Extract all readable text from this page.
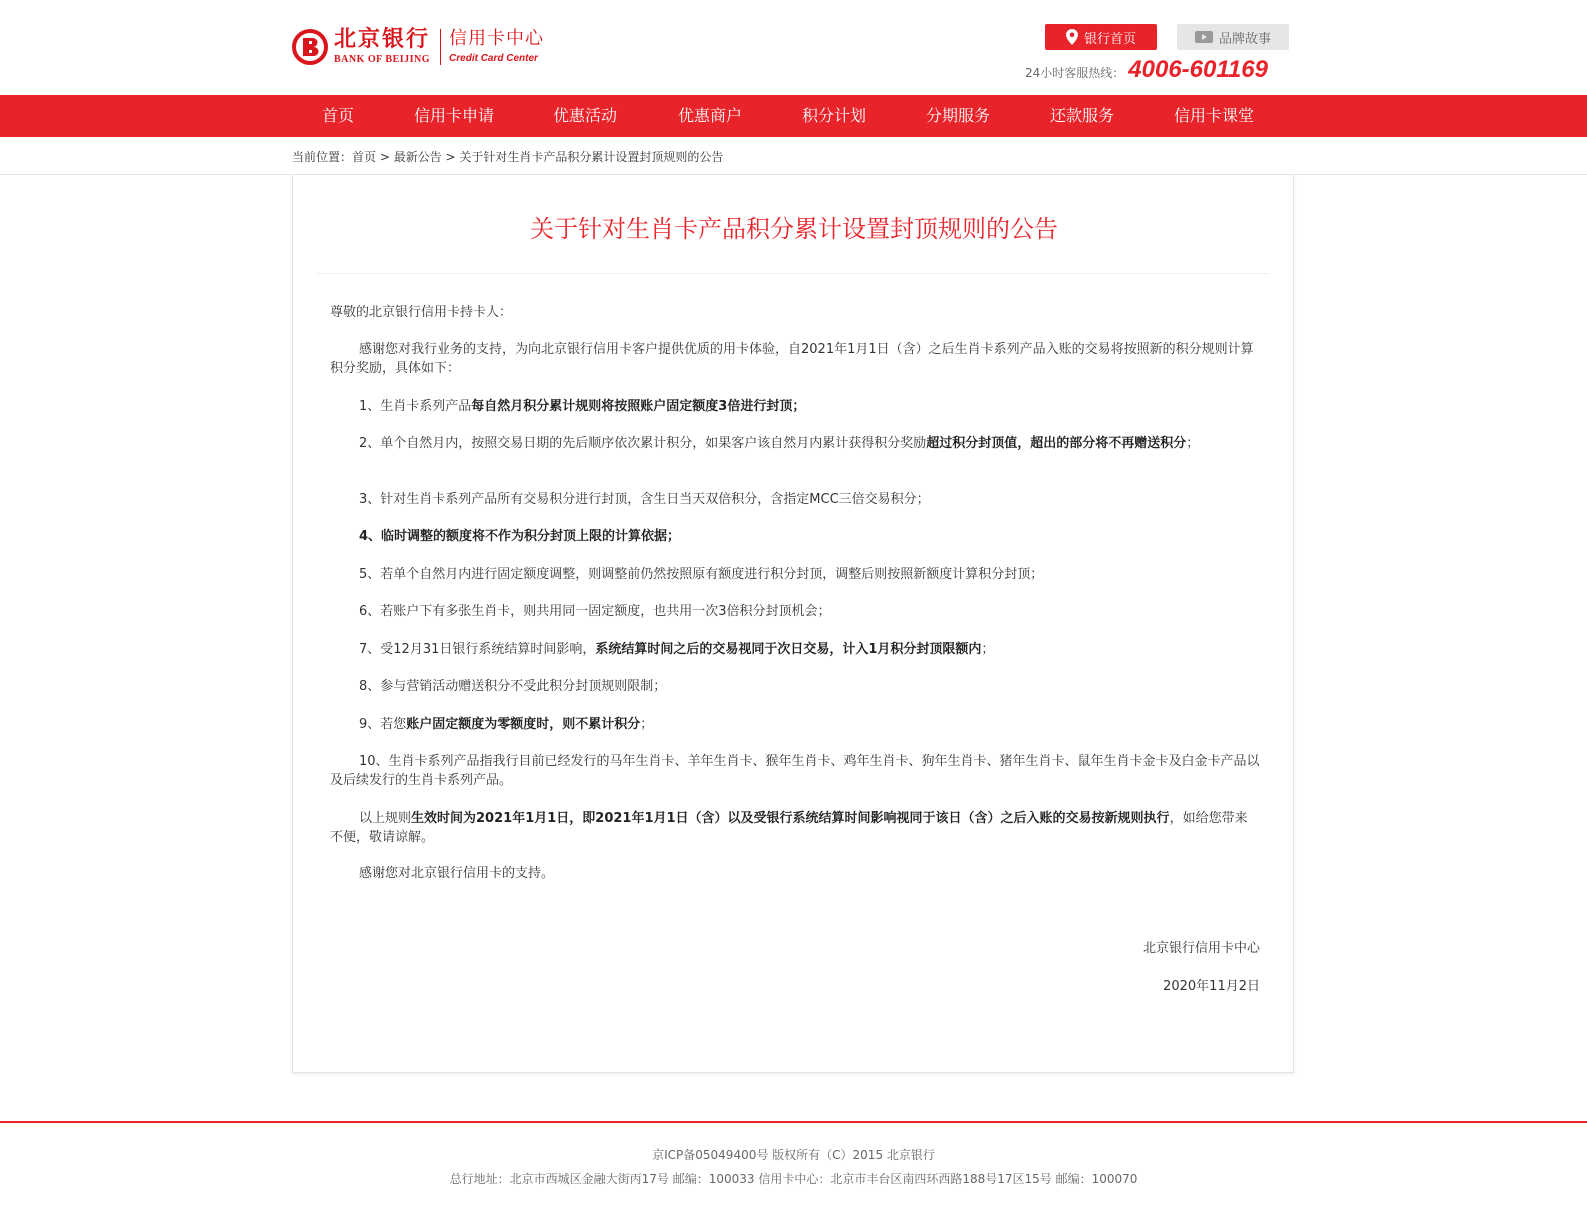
北京银行
BANK OF BEIJING
信用卡中心
Credit Card Center
银行首页	品牌故事
24小时客服热线： 4006-601169
首页	信用卡申请	优惠活动	优惠商户	积分计划	分期服务	还款服务	信用卡课堂
当前位置：首页 > 最新公告 > 关于针对生肖卡产品积分累计设置封顶规则的公告
关于针对生肖卡产品积分累计设置封顶规则的公告
尊敬的北京银行信用卡持卡人：
感谢您对我行业务的支持，为向北京银行信用卡客户提供优质的用卡体验，自2021年1月1日（含）之后生肖卡系列产品入账的交易将按照新的积分规则计算积分奖励，具体如下：
1、生肖卡系列产品每自然月积分累计规则将按照账户固定额度3倍进行封顶；
2、单个自然月内，按照交易日期的先后顺序依次累计积分，如果客户该自然月内累计获得积分奖励超过积分封顶值，超出的部分将不再赠送积分；
3、针对生肖卡系列产品所有交易积分进行封顶，含生日当天双倍积分，含指定MCC三倍交易积分；
4、临时调整的额度将不作为积分封顶上限的计算依据；
5、若单个自然月内进行固定额度调整，则调整前仍然按照原有额度进行积分封顶，调整后则按照新额度计算积分封顶；
6、若账户下有多张生肖卡，则共用同一固定额度，也共用一次3倍积分封顶机会；
7、受12月31日银行系统结算时间影响，系统结算时间之后的交易视同于次日交易，计入1月积分封顶限额内；
8、参与营销活动赠送积分不受此积分封顶规则限制；
9、若您账户固定额度为零额度时，则不累计积分；
10、生肖卡系列产品指我行目前已经发行的马年生肖卡、羊年生肖卡、猴年生肖卡、鸡年生肖卡、狗年生肖卡、猪年生肖卡、鼠年生肖卡金卡及白金卡产品以及后续发行的生肖卡系列产品。
以上规则生效时间为2021年1月1日，即2021年1月1日（含）以及受银行系统结算时间影响视同于该日（含）之后入账的交易按新规则执行，如给您带来不便，敬请谅解。
感谢您对北京银行信用卡的支持。
北京银行信用卡中心
2020年11月2日
京ICP备05049400号 版权所有（C）2015 北京银行
总行地址：北京市西城区金融大街丙17号 邮编：100033 信用卡中心：北京市丰台区南四环西路188号17区15号 邮编：100070
